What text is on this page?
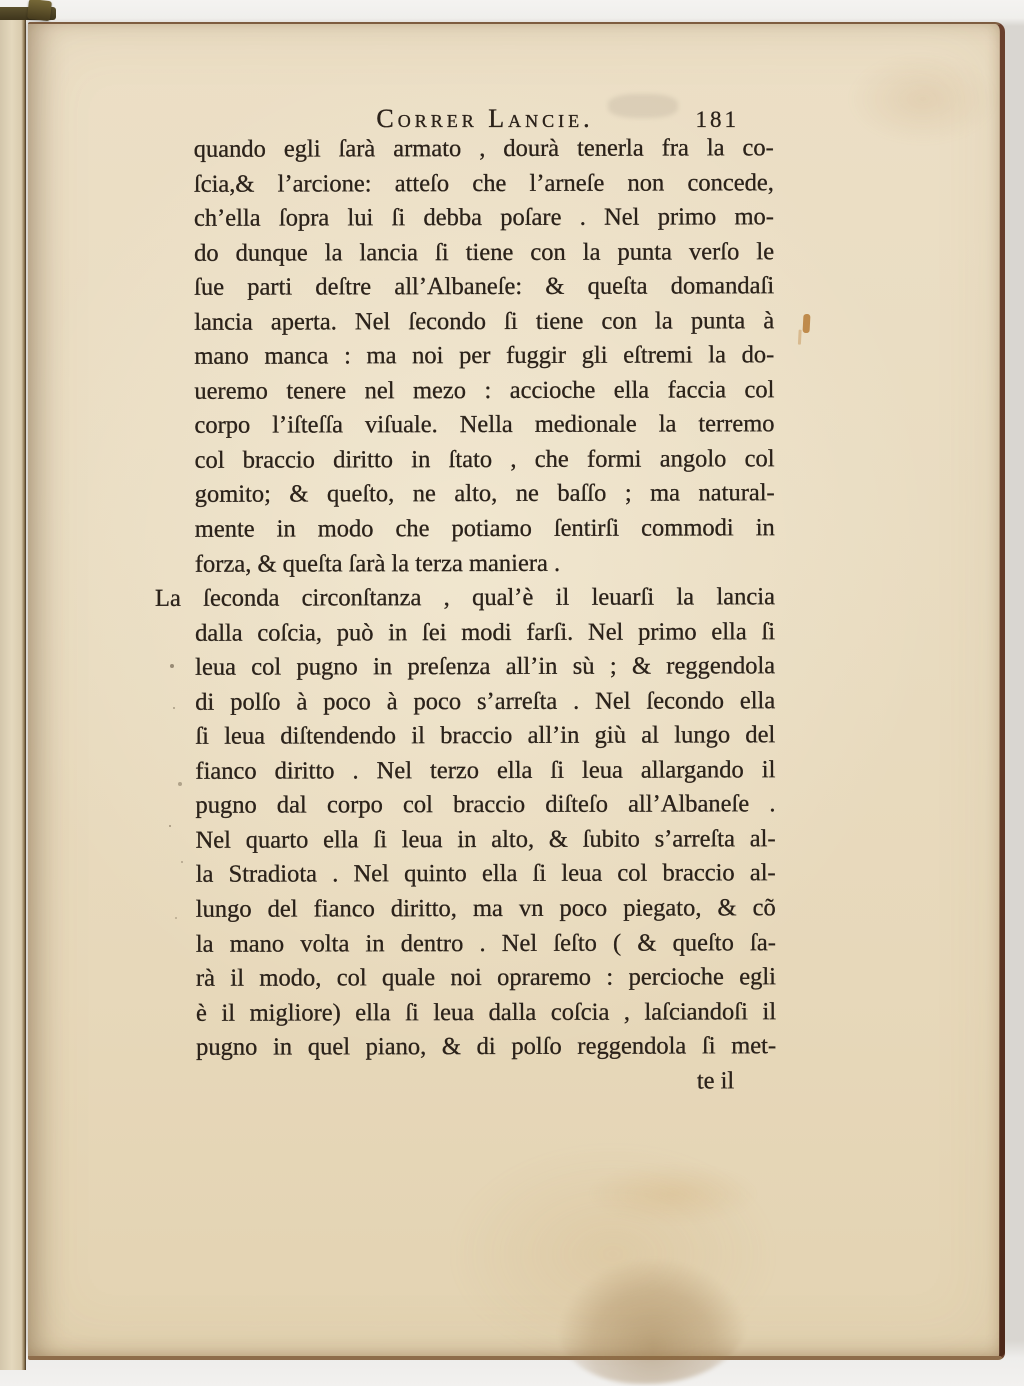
Correr Lancie.	181
quando egli ſarà armato , dourà tenerla fra la co-
ſcia,& l’arcione: atteſo che l’arneſe non concede,
ch’ella ſopra lui ſi debba poſare . Nel primo mo-
do dunque la lancia ſi tiene con la punta verſo le
ſue parti deſtre all’Albaneſe: & queſta domandaſi
lancia aperta. Nel ſecondo ſi tiene con la punta à
mano manca : ma noi per fuggir gli eſtremi la do-
ueremo tenere nel mezo : accioche ella faccia col
corpo l’iſteſſa viſuale. Nella medionale la terremo
col braccio diritto in ſtato , che formi angolo col
gomito; & queſto, ne alto, ne baſſo ; ma natural-
mente in modo che potiamo ſentirſi commodi in
forza, & queſta ſarà la terza maniera .
La ſeconda circonſtanza , qual’è il leuarſi la lancia
dalla coſcia, può in ſei modi farſi. Nel primo ella ſi
leua col pugno in preſenza all’in sù ; & reggendola
di polſo à poco à poco s’arreſta . Nel ſecondo ella
ſi leua diſtendendo il braccio all’in giù al lungo del
fianco diritto . Nel terzo ella ſi leua allargando il
pugno dal corpo col braccio diſteſo all’Albaneſe .
Nel quarto ella ſi leua in alto, & ſubito s’arreſta al-
la Stradiota . Nel quinto ella ſi leua col braccio al-
lungo del fianco diritto, ma vn poco piegato, & cõ
la mano volta in dentro . Nel ſeſto ( & queſto ſa-
rà il modo, col quale noi opraremo : percioche egli
è il migliore) ella ſi leua dalla coſcia , laſciandoſi il
pugno in quel piano, & di polſo reggendola ſi met-
te il
